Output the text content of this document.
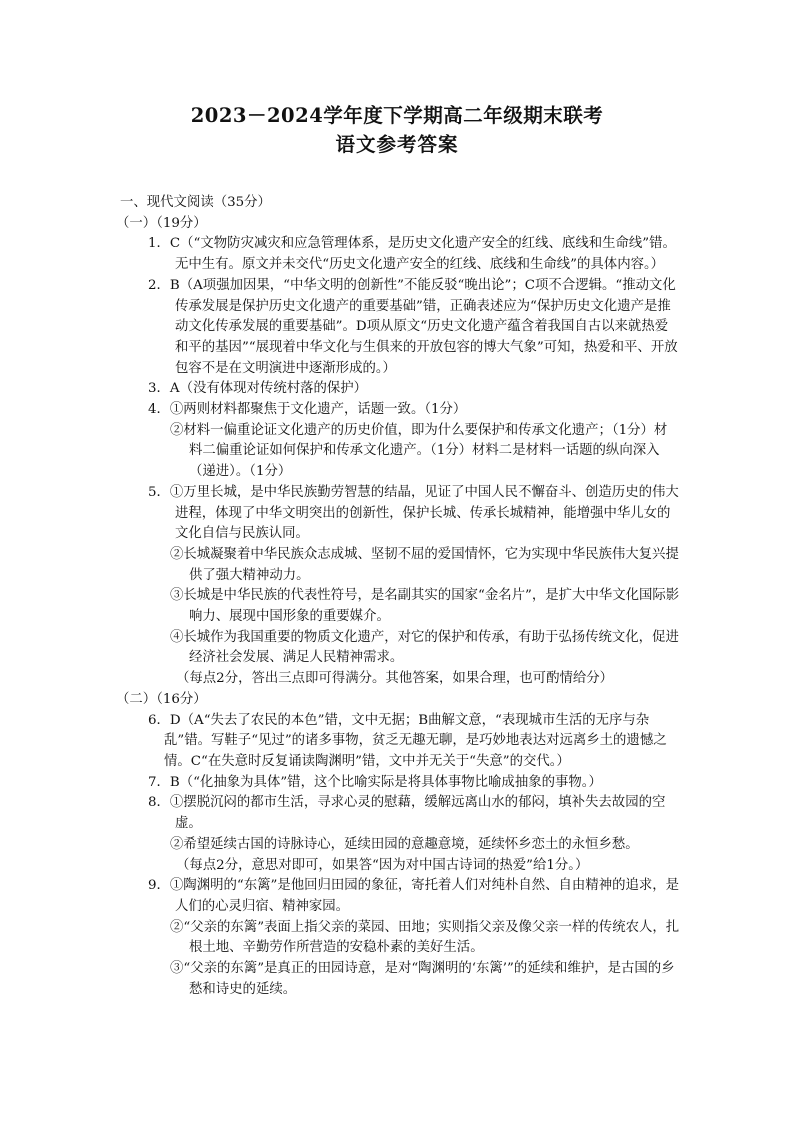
2023－2024学年度下学期高二年级期末联考
语文参考答案

一、现代文阅读（35分）

（一）（19分）

1．C（“文物防灾减灾和应急管理体系，是历史文化遗产安全的红线、底线和生命线”错。无中生有。原文并未交代“历史文化遗产安全的红线、底线和生命线”的具体内容。）

2．B（A项强加因果，“中华文明的创新性”不能反驳“晚出论”；C项不合逻辑。“推动文化传承发展是保护历史文化遗产的重要基础”错，正确表述应为“保护历史文化遗产是推动文化传承发展的重要基础”。D项从原文“历史文化遗产蕴含着我国自古以来就热爱和平的基因”“展现着中华文化与生俱来的开放包容的博大气象”可知，热爱和平、开放包容不是在文明演进中逐渐形成的。）

3．A（没有体现对传统村落的保护）

4．①两则材料都聚焦于文化遗产，话题一致。（1分）

②材料一偏重论证文化遗产的历史价值，即为什么要保护和传承文化遗产；（1分）材料二偏重论证如何保护和传承文化遗产。（1分）材料二是材料一话题的纵向深入（递进）。（1分）

5．①万里长城，是中华民族勤劳智慧的结晶，见证了中国人民不懈奋斗、创造历史的伟大进程，体现了中华文明突出的创新性，保护长城、传承长城精神，能增强中华儿女的文化自信与民族认同。

②长城凝聚着中华民族众志成城、坚韧不屈的爱国情怀，它为实现中华民族伟大复兴提供了强大精神动力。

③长城是中华民族的代表性符号，是名副其实的国家“金名片”，是扩大中华文化国际影响力、展现中国形象的重要媒介。

④长城作为我国重要的物质文化遗产，对它的保护和传承，有助于弘扬传统文化，促进经济社会发展、满足人民精神需求。

（每点2分，答出三点即可得满分。其他答案，如果合理，也可酌情给分）

（二）（16分）

6．D（A“失去了农民的本色”错，文中无据；B曲解文意，“表现城市生活的无序与杂乱”错。写鞋子“见过”的诸多事物，贫乏无趣无聊，是巧妙地表达对远离乡土的遗憾之情。C“在失意时反复诵读陶渊明”错，文中并无关于“失意”的交代。）

7．B（“化抽象为具体”错，这个比喻实际是将具体事物比喻成抽象的事物。）

8．①摆脱沉闷的都市生活，寻求心灵的慰藉，缓解远离山水的郁闷，填补失去故园的空虚。

②希望延续古国的诗脉诗心，延续田园的意趣意境，延续怀乡恋土的永恒乡愁。

（每点2分，意思对即可，如果答“因为对中国古诗词的热爱”给1分。）

9．①陶渊明的“东篱”是他回归田园的象征，寄托着人们对纯朴自然、自由精神的追求，是人们的心灵归宿、精神家园。

②“父亲的东篱”表面上指父亲的菜园、田地；实则指父亲及像父亲一样的传统农人，扎根土地、辛勤劳作所营造的安稳朴素的美好生活。

③“父亲的东篱”是真正的田园诗意，是对“陶渊明的‘东篱’”的延续和维护，是古国的乡愁和诗史的延续。
